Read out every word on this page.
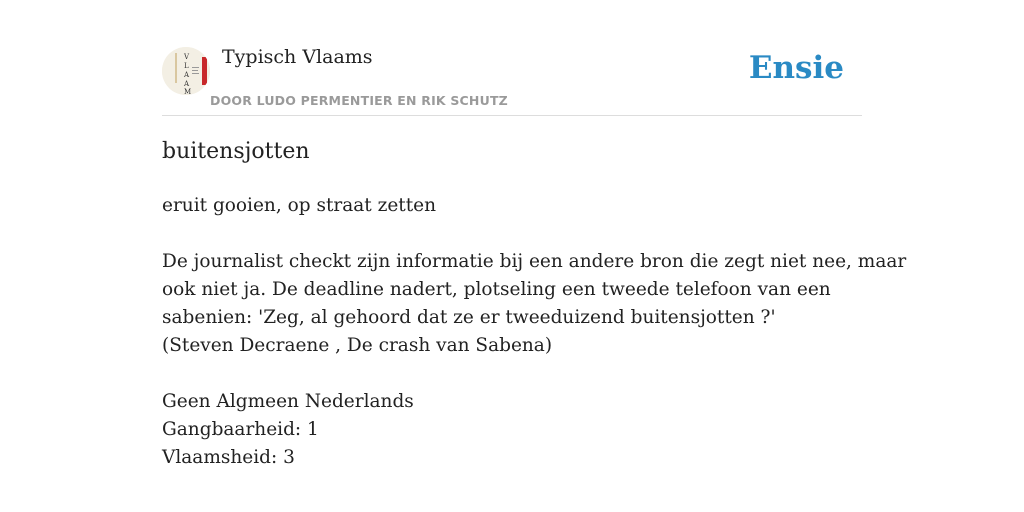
V
L
A
A
M
Typisch Vlaams
DOOR LUDO PERMENTIER EN RIK SCHUTZ
Ensie
buitensjotten
eruit gooien, op straat zetten
De journalist checkt zijn informatie bij een andere bron die zegt niet nee, maar
ook niet ja. De deadline nadert, plotseling een tweede telefoon van een
sabenien: 'Zeg, al gehoord dat ze er tweeduizend buitensjotten ?'
(Steven Decraene , De crash van Sabena)
Geen Algmeen Nederlands
Gangbaarheid: 1
Vlaamsheid: 3
